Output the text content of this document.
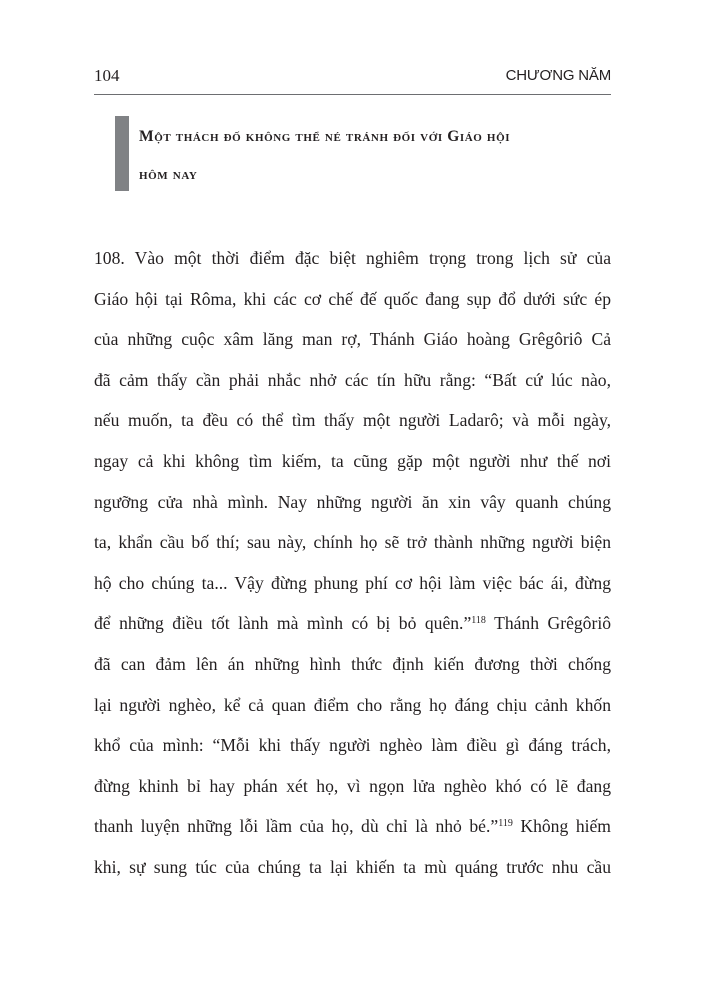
104	CHƯƠNG NĂM
Một thách đố không thể né tránh đối với Giáo hội
hôm nay
108. Vào một thời điểm đặc biệt nghiêm trọng trong lịch sử của
Giáo hội tại Rôma, khi các cơ chế đế quốc đang sụp đổ dưới sức ép
của những cuộc xâm lăng man rợ, Thánh Giáo hoàng Grêgôriô Cả
đã cảm thấy cần phải nhắc nhở các tín hữu rằng: “Bất cứ lúc nào,
nếu muốn, ta đều có thể tìm thấy một người Ladarô; và mỗi ngày,
ngay cả khi không tìm kiếm, ta cũng gặp một người như thế nơi
ngưỡng cửa nhà mình. Nay những người ăn xin vây quanh chúng
ta, khẩn cầu bố thí; sau này, chính họ sẽ trở thành những người biện
hộ cho chúng ta... Vậy đừng phung phí cơ hội làm việc bác ái, đừng
để những điều tốt lành mà mình có bị bỏ quên.”$^{118}$ Thánh Grêgôriô
đã can đảm lên án những hình thức định kiến đương thời chống
lại người nghèo, kể cả quan điểm cho rằng họ đáng chịu cảnh khốn
khổ của mình: “Mỗi khi thấy người nghèo làm điều gì đáng trách,
đừng khinh bỉ hay phán xét họ, vì ngọn lửa nghèo khó có lẽ đang
thanh luyện những lỗi lầm của họ, dù chỉ là nhỏ bé.”$^{119}$ Không hiếm
khi, sự sung túc của chúng ta lại khiến ta mù quáng trước nhu cầu
